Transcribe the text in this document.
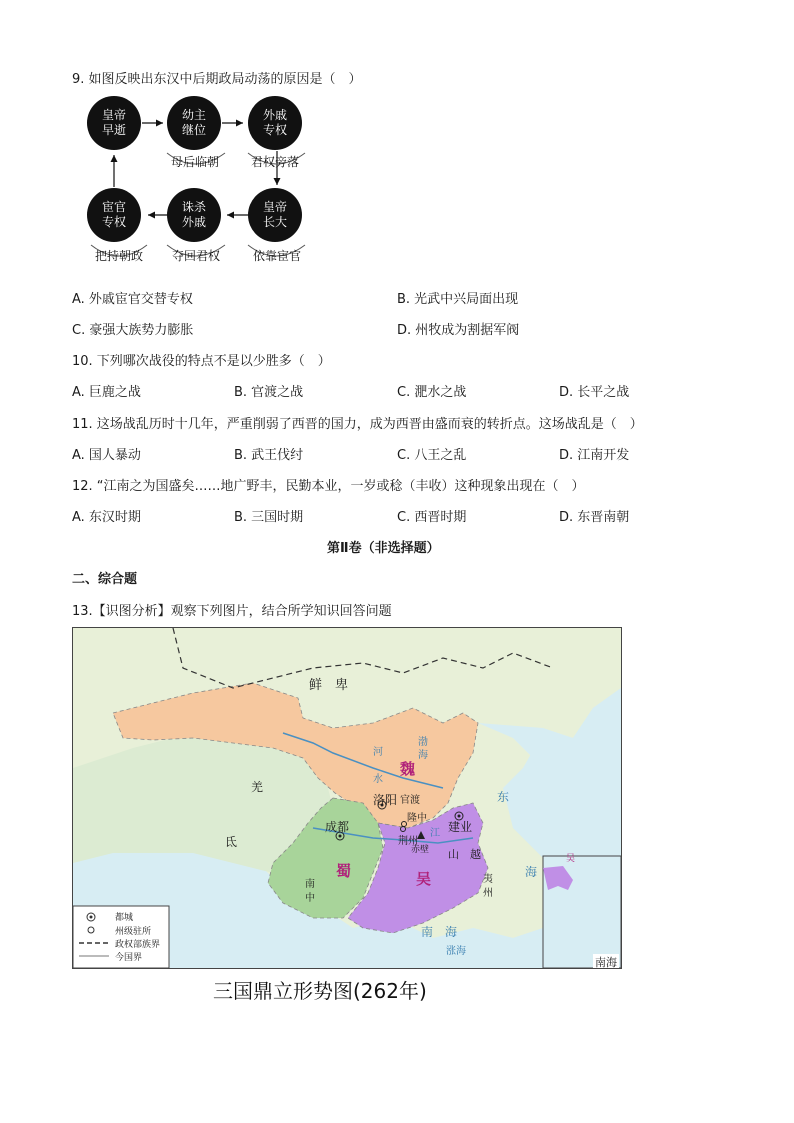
9. 如图反映出东汉中后期政局动荡的原因是（　）
皇帝早逝
幼主继位
外戚专权
皇帝长大
诛杀外戚
宦官专权
母后临朝	君权旁落
依靠宦官
夺回君权
把持朝政
A. 外戚宦官交替专权	B. 光武中兴局面出现
C. 豪强大族势力膨胀	D. 州牧成为割据军阀
10. 下列哪次战役的特点不是以少胜多（　）
A. 巨鹿之战	B. 官渡之战	C. 淝水之战	D. 长平之战
11. 这场战乱历时十几年，严重削弱了西晋的国力，成为西晋由盛而衰的转折点。这场战乱是（　）
A. 国人暴动	B. 武王伐纣	C. 八王之乱	D. 江南开发
12. “江南之为国盛矣……地广野丰，民勤本业，一岁或稔（丰收）这种现象出现在（　）
A. 东汉时期	B. 三国时期	C. 西晋时期	D. 东晋南朝
第Ⅱ卷（非选择题）
二、综合题
13.【识图分析】观察下列图片，结合所学知识回答问题
鲜　卑
魏
蜀	吴
羌
氐
洛阳 官渡
成都	建业
荆州
隆中
赤壁 山　越
南
中
夷
州
河
水
江
渤
海
东
海
南　海
涨海
吴
南海
都城
州级驻所
政权部族界
今国界
三国鼎立形势图(262年)
